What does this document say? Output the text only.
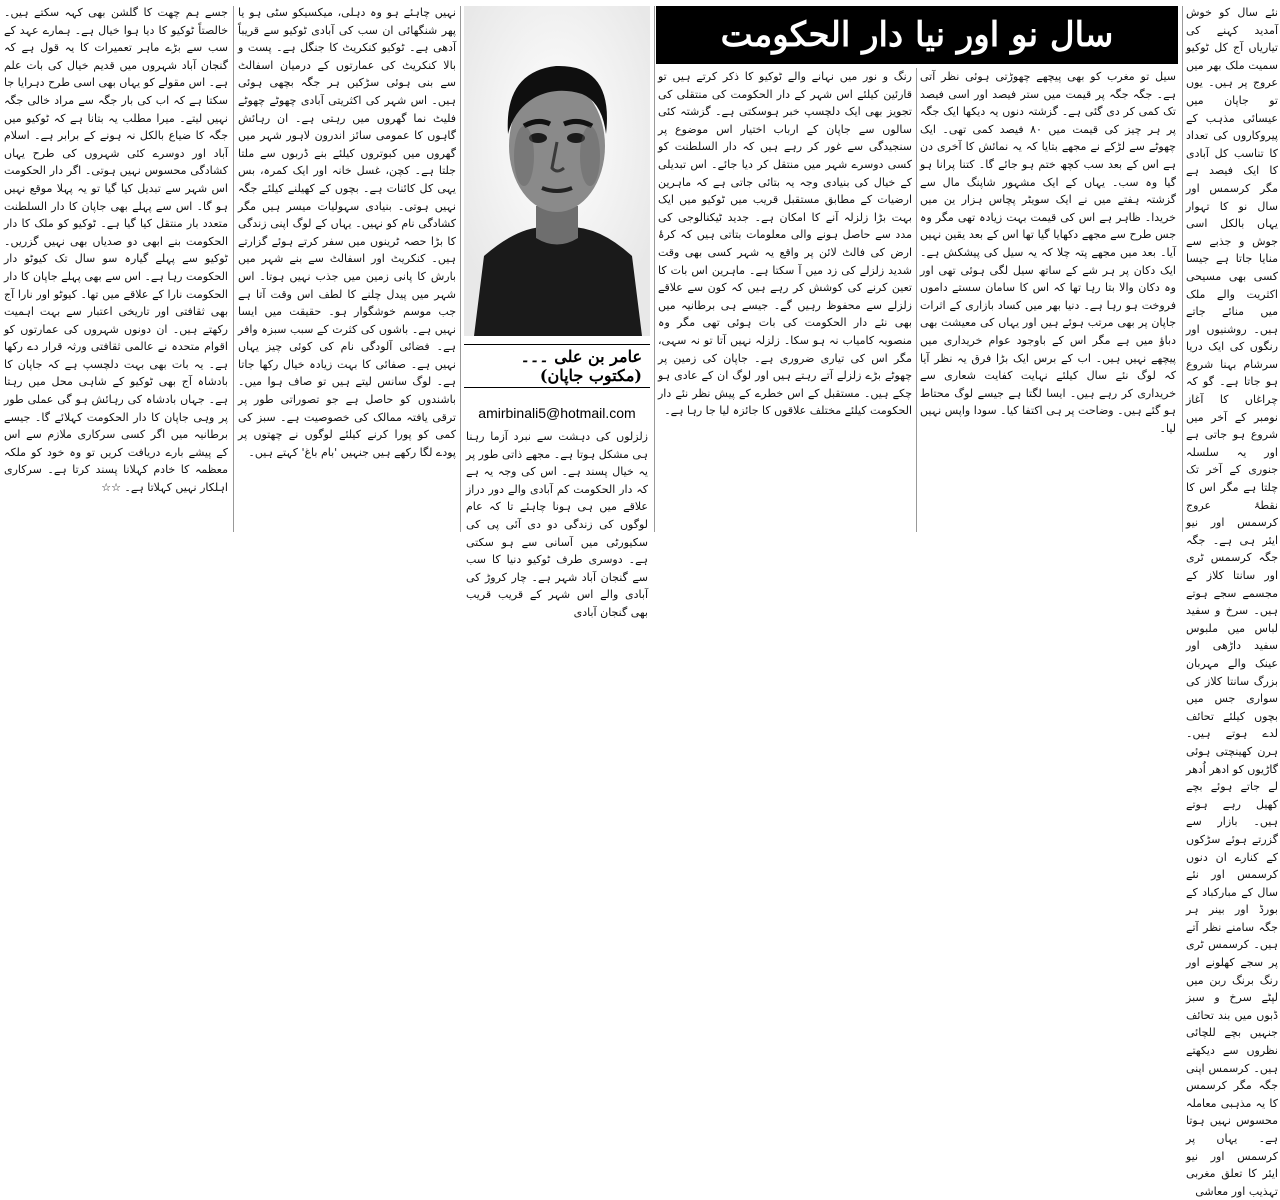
نئے سال کو خوش آمدید کہنے کی تیاریاں آج کل ٹوکیو سمیت ملک بھر میں عروج پر ہیں۔ یوں تو جاپان میں عیسائی مذہب کے پیروکاروں کی تعداد کا تناسب کل آبادی کا ایک فیصد ہے مگر کرسمس اور سال نو کا تہوار یہاں بالکل اسی جوش و جذبے سے منایا جاتا ہے جیسا کسی بھی مسیحی اکثریت والے ملک میں منائے جاتے ہیں۔ روشنیوں اور رنگوں کی ایک دریا سرشام بہنا شروع ہو جاتا ہے۔ گو کہ چراغاں کا آغاز نومبر کے آخر میں شروع ہو جاتی ہے اور یہ سلسلہ جنوری کے آخر تک چلتا ہے مگر اس کا نقطۂ عروج کرسمس اور نیو ایئر ہی ہے۔ جگہ جگہ کرسمس ٹری اور سانتا کلاز کے مجسمے سجے ہوتے ہیں۔ سرخ و سفید لباس میں ملبوس سفید داڑھی اور عینک والے مہربان بزرگ سانتا کلاز کی سواری جس میں بچوں کیلئے تحائف لدے ہوتے ہیں۔ ہرن کھینچتی ہوئی گاڑیوں کو ادھر اُدھر لے جاتے ہوئے بچے کھیل رہے ہوتے ہیں۔ بازار سے گزرتے ہوئے سڑکوں کے کنارے ان دنوں کرسمس اور نئے سال کے مبارکباد کے بورڈ اور بینر ہر جگہ سامنے نظر آتے ہیں۔ کرسمس ٹری پر سجے کھلونے اور رنگ برنگ ربن میں لپٹے سرخ و سبز ڈبوں میں بند تحائف جنہیں بچے للچائی نظروں سے دیکھتے ہیں۔ کرسمس اپنی جگہ مگر کرسمس کا یہ مذہبی معاملہ محسوس نہیں ہوتا ہے۔ یہاں پر کرسمس اور نیو ایئر کا تعلق مغربی تہذیب اور معاشی

سال نو اور نیا دار الحکومت

سیل تو مغرب کو بھی پیچھے چھوڑتی ہوئی نظر آتی ہے۔ جگہ جگہ پر قیمت میں ستر فیصد اور اسی فیصد تک کمی کر دی گئی ہے۔ گزشتہ دنوں یہ دیکھا ایک جگہ پر ہر چیز کی قیمت میں ۸۰ فیصد کمی تھی۔ ایک چھوٹے سے لڑکے نے مجھے بتایا کہ یہ نمائش کا آخری دن ہے اس کے بعد سب کچھ ختم ہو جائے گا۔ کتنا پرانا ہو گیا وہ سب۔ یہاں کے ایک مشہور شاپنگ مال سے گزشتہ ہفتے میں نے ایک سویٹر پچاس ہزار ین میں خریدا۔ ظاہر ہے اس کی قیمت بہت زیادہ تھی مگر وہ جس طرح سے مجھے دکھایا گیا تھا اس کے بعد یقین نہیں آیا۔ بعد میں مجھے پتہ چلا کہ یہ سیل کی پیشکش ہے۔ ایک دکان پر ہر شے کے ساتھ سیل لگی ہوئی تھی اور وہ دکان والا بتا رہا تھا کہ اس کا سامان سستے داموں فروخت ہو رہا ہے۔ دنیا بھر میں کساد بازاری کے اثرات جاپان پر بھی مرتب ہوئے ہیں اور یہاں کی معیشت بھی دباؤ میں ہے مگر اس کے باوجود عوام خریداری میں پیچھے نہیں ہیں۔ اب کے برس ایک بڑا فرق یہ نظر آیا کہ لوگ نئے سال کیلئے نہایت کفایت شعاری سے خریداری کر رہے ہیں۔ ایسا لگتا ہے جیسے لوگ محتاط ہو گئے ہیں۔ وضاحت پر ہی اکتفا کیا۔ سودا واپس نہیں لیا۔

رنگ و نور میں نہانے والے ٹوکیو کا ذکر کرتے ہیں تو قارئین کیلئے اس شہر کے دار الحکومت کی منتقلی کی تجویز بھی ایک دلچسپ خبر ہوسکتی ہے۔ گزشتہ کئی سالوں سے جاپان کے ارباب اختیار اس موضوع پر سنجیدگی سے غور کر رہے ہیں کہ دار السلطنت کو کسی دوسرے شہر میں منتقل کر دیا جائے۔ اس تبدیلی کے خیال کی بنیادی وجہ یہ بتائی جاتی ہے کہ ماہرین ارضیات کے مطابق مستقبل قریب میں ٹوکیو میں ایک بہت بڑا زلزلہ آنے کا امکان ہے۔ جدید ٹیکنالوجی کی مدد سے حاصل ہونے والی معلومات بتاتی ہیں کہ کرۂ ارض کی فالٹ لائن پر واقع یہ شہر کسی بھی وقت شدید زلزلے کی زد میں آ سکتا ہے۔ ماہرین اس بات کا تعین کرنے کی کوشش کر رہے ہیں کہ کون سے علاقے زلزلے سے محفوظ رہیں گے۔ جیسے ہی برطانیہ میں بھی نئے دار الحکومت کی بات ہوئی تھی مگر وہ منصوبہ کامیاب نہ ہو سکا۔ زلزلہ نہیں آتا تو نہ سہی، مگر اس کی تیاری ضروری ہے۔ جاپان کی زمین پر چھوٹے بڑے زلزلے آتے رہتے ہیں اور لوگ ان کے عادی ہو چکے ہیں۔ مستقبل کے اس خطرے کے پیش نظر نئے دار الحکومت کیلئے مختلف علاقوں کا جائزہ لیا جا رہا ہے۔

عامر بن علی ۔۔۔ (مکتوب جاپان)
amirbinali5@hotmail.com

زلزلوں کی دہشت سے نبرد آزما رہنا ہی مشکل ہوتا ہے۔ مجھے ذاتی طور پر یہ خیال پسند ہے۔ اس کی وجہ یہ ہے کہ دار الحکومت کم آبادی والے دور دراز علاقے میں ہی ہونا چاہئے تا کہ عام لوگوں کی زندگی دو دی آئی پی کی سکیورٹی میں آسانی سے ہو سکتی ہے۔ دوسری طرف ٹوکیو دنیا کا سب سے گنجان آباد شہر ہے۔ چار کروڑ کی آبادی والے اس شہر کے قریب قریب بھی گنجان آبادی

نہیں چاہئے ہو وہ دہلی، میکسیکو سٹی ہو یا پھر شنگھائی ان سب کی آبادی ٹوکیو سے قریباً آدھی ہے۔ ٹوکیو کنکریٹ کا جنگل ہے۔ پست و بالا کنکریٹ کی عمارتوں کے درمیان اسفالٹ سے بنی ہوئی سڑکیں ہر جگہ بچھی ہوئی ہیں۔ اس شہر کی اکثریتی آبادی چھوٹے چھوٹے فلیٹ نما گھروں میں رہتی ہے۔ ان رہائش گاہوں کا عمومی سائز اندرون لاہور شہر میں گھروں میں کبوتروں کیلئے بنے ڈربوں سے ملتا جلتا ہے۔ کچن، غسل خانہ اور ایک کمرہ، بس یہی کل کائنات ہے۔ بچوں کے کھیلنے کیلئے جگہ نہیں ہوتی۔ بنیادی سہولیات میسر ہیں مگر کشادگی نام کو نہیں۔ یہاں کے لوگ اپنی زندگی کا بڑا حصہ ٹرینوں میں سفر کرتے ہوئے گزارتے ہیں۔ کنکریٹ اور اسفالٹ سے بنے شہر میں بارش کا پانی زمین میں جذب نہیں ہوتا۔ اس شہر میں پیدل چلنے کا لطف اس وقت آتا ہے جب موسم خوشگوار ہو۔ حقیقت میں ایسا نہیں ہے۔ باشوں کی کثرت کے سبب سبزہ وافر ہے۔ فضائی آلودگی نام کی کوئی چیز یہاں نہیں ہے۔ صفائی کا بہت زیادہ خیال رکھا جاتا ہے۔ لوگ سانس لیتے ہیں تو صاف ہوا میں۔ باشندوں کو حاصل ہے جو تصوراتی طور پر ترقی یافتہ ممالک کی خصوصیت ہے۔ سبز کی کمی کو پورا کرنے کیلئے لوگوں نے چھتوں پر پودے لگا رکھے ہیں جنہیں 'بام باغ' کہتے ہیں۔

جسے ہم چھت کا گلشن بھی کہہ سکتے ہیں۔ خالصتاً ٹوکیو کا دیا ہوا خیال ہے۔ ہمارے عہد کے سب سے بڑے ماہر تعمیرات کا یہ قول ہے کہ گنجان آباد شہروں میں قدیم خیال کی بات علم ہے۔ اس مقولے کو یہاں بھی اسی طرح دہرایا جا سکتا ہے کہ اب کی بار جگہ سے مراد خالی جگہ نہیں لیتے۔ میرا مطلب یہ بتانا ہے کہ ٹوکیو میں جگہ کا ضیاع بالکل نہ ہونے کے برابر ہے۔ اسلام آباد اور دوسرے کئی شہروں کی طرح یہاں کشادگی محسوس نہیں ہوتی۔ اگر دار الحکومت اس شہر سے تبدیل کیا گیا تو یہ پہلا موقع نہیں ہو گا۔ اس سے پہلے بھی جاپان کا دار السلطنت متعدد بار منتقل کیا گیا ہے۔ ٹوکیو کو ملک کا دار الحکومت بنے ابھی دو صدیاں بھی نہیں گزریں۔ ٹوکیو سے پہلے گیارہ سو سال تک کیوٹو دار الحکومت رہا ہے۔ اس سے بھی پہلے جاپان کا دار الحکومت نارا کے علاقے میں تھا۔ کیوٹو اور نارا آج بھی ثقافتی اور تاریخی اعتبار سے بہت اہمیت رکھتے ہیں۔ ان دونوں شہروں کی عمارتوں کو اقوام متحدہ نے عالمی ثقافتی ورثہ قرار دے رکھا ہے۔ یہ بات بھی بہت دلچسپ ہے کہ جاپان کا بادشاہ آج بھی ٹوکیو کے شاہی محل میں رہتا ہے۔ جہاں بادشاہ کی رہائش ہو گی عملی طور پر وہی جاپان کا دار الحکومت کہلائے گا۔ جیسے برطانیہ میں اگر کسی سرکاری ملازم سے اس کے پیشے بارے دریافت کریں تو وہ خود کو ملکہ معظمہ کا خادم کہلانا پسند کرتا ہے۔ سرکاری اہلکار نہیں کہلاتا ہے۔ ☆☆
